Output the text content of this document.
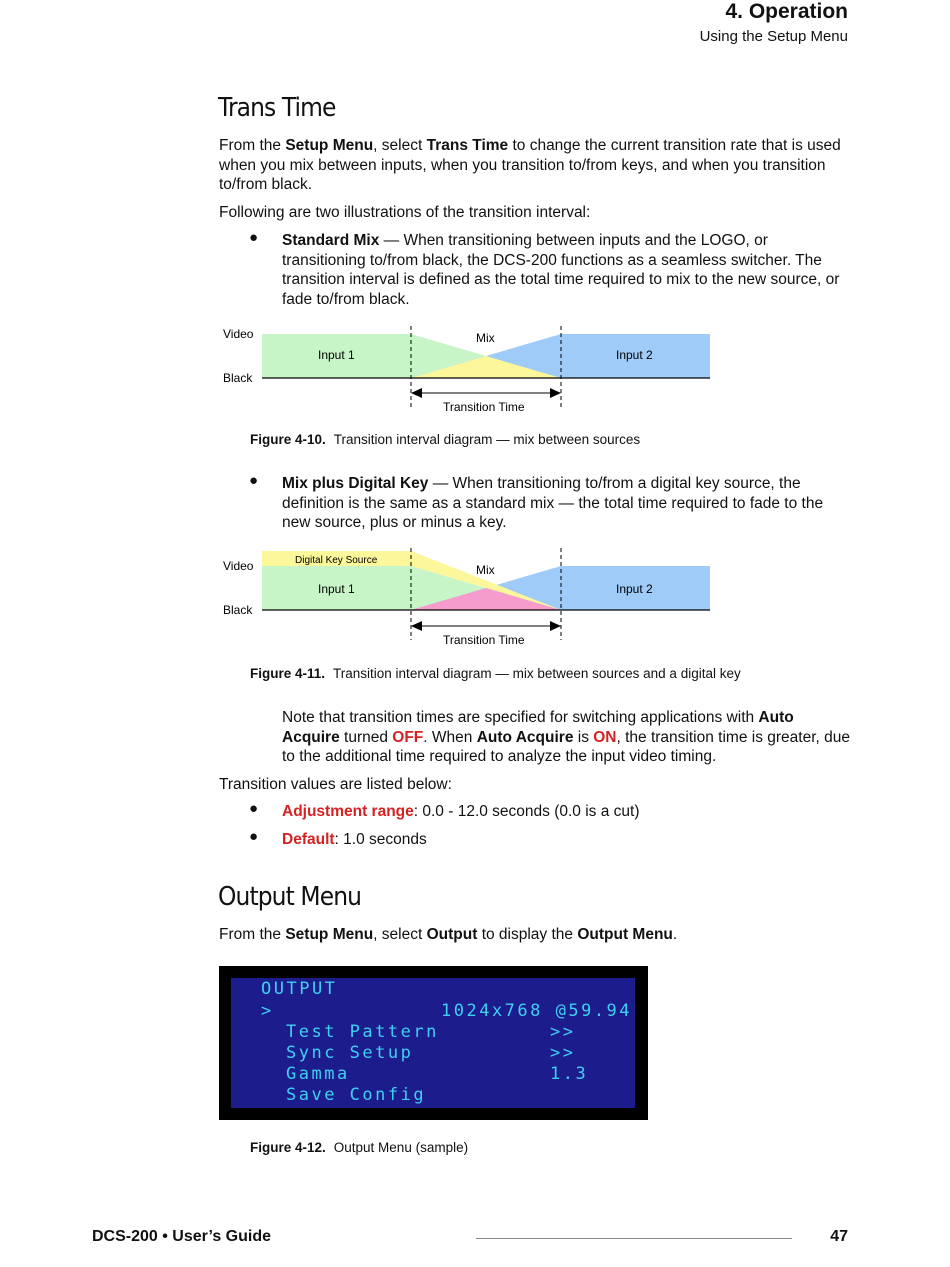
4. Operation
Using the Setup Menu
Trans Time

From the Setup Menu, select Trans Time to change the current transition rate that is used when you mix between inputs, when you transition to/from keys, and when you transition to/from black.

Following are two illustrations of the transition interval:

● Standard Mix — When transitioning between inputs and the LOGO, or transitioning to/from black, the DCS-200 functions as a seamless switcher. The transition interval is defined as the total time required to mix to the new source, or fade to/from black.

Video
Black
Input 1	Input 2
Mix
Transition Time
Figure 4-10. Transition interval diagram — mix between sources
● Mix plus Digital Key — When transitioning to/from a digital key source, the definition is the same as a standard mix — the total time required to fade to the new source, plus or minus a key.

Video
Black
Digital Key Source
Input 1	Input 2
Mix
Transition Time
Figure 4-11. Transition interval diagram — mix between sources and a digital key

Note that transition times are specified for switching applications with Auto Acquire turned OFF. When Auto Acquire is ON, the transition time is greater, due to the additional time required to analyze the input video timing.

Transition values are listed below:

● Adjustment range: 0.0 - 12.0 seconds (0.0 is a cut)

● Default: 1.0 seconds

Output Menu

From the Setup Menu, select Output to display the Output Menu.

OUTPUT
>	1024x768 @59.94
Test Pattern	>>
Sync Setup	>>
Gamma	1.3
Save Config
Figure 4-12. Output Menu (sample)
DCS-200 • User’s Guide	47
